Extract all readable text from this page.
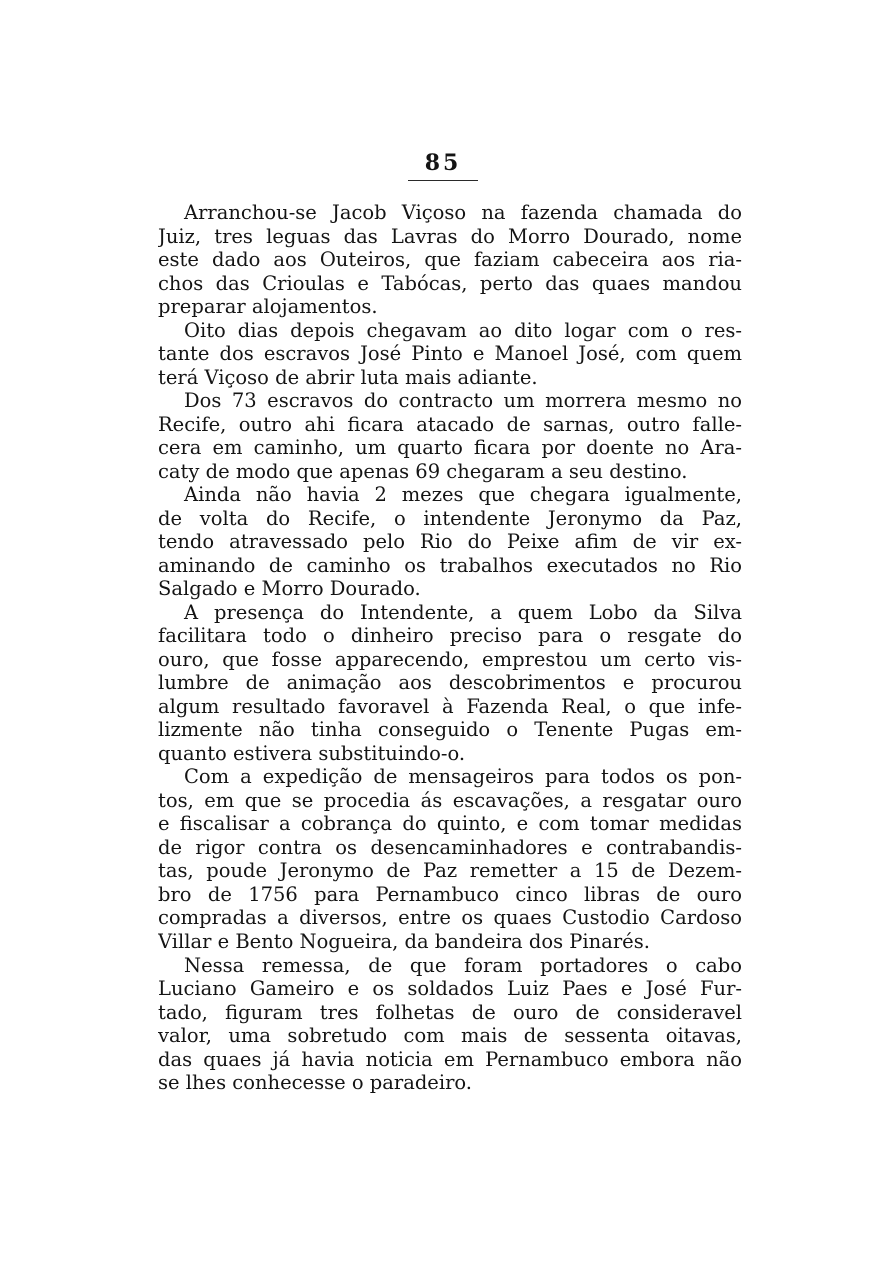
85
Arranchou-se Jacob Viçoso na fazenda chamada do
Juiz, tres leguas das Lavras do Morro Dourado, nome
este dado aos Outeiros, que faziam cabeceira aos ria-
chos das Crioulas e Tabócas, perto das quaes mandou
preparar alojamentos.
Oito dias depois chegavam ao dito logar com o res-
tante dos escravos José Pinto e Manoel José, com quem
terá Viçoso de abrir luta mais adiante.
Dos 73 escravos do contracto um morrera mesmo no
Recife, outro ahi ficara atacado de sarnas, outro falle-
cera em caminho, um quarto ficara por doente no Ara-
caty de modo que apenas 69 chegaram a seu destino.
Ainda não havia 2 mezes que chegara igualmente,
de volta do Recife, o intendente Jeronymo da Paz,
tendo atravessado pelo Rio do Peixe afim de vir ex-
aminando de caminho os trabalhos executados no Rio
Salgado e Morro Dourado.
A presença do Intendente, a quem Lobo da Silva
facilitara todo o dinheiro preciso para o resgate do
ouro, que fosse apparecendo, emprestou um certo vis-
lumbre de animação aos descobrimentos e procurou
algum resultado favoravel à Fazenda Real, o que infe-
lizmente não tinha conseguido o Tenente Pugas em-
quanto estivera substituindo-o.
Com a expedição de mensageiros para todos os pon-
tos, em que se procedia ás escavações, a resgatar ouro
e fiscalisar a cobrança do quinto, e com tomar medidas
de rigor contra os desencaminhadores e contrabandis-
tas, poude Jeronymo de Paz remetter a 15 de Dezem-
bro de 1756 para Pernambuco cinco libras de ouro
compradas a diversos, entre os quaes Custodio Cardoso
Villar e Bento Nogueira, da bandeira dos Pinarés.
Nessa remessa, de que foram portadores o cabo
Luciano Gameiro e os soldados Luiz Paes e José Fur-
tado, figuram tres folhetas de ouro de consideravel
valor, uma sobretudo com mais de sessenta oitavas,
das quaes já havia noticia em Pernambuco embora não
se lhes conhecesse o paradeiro.
